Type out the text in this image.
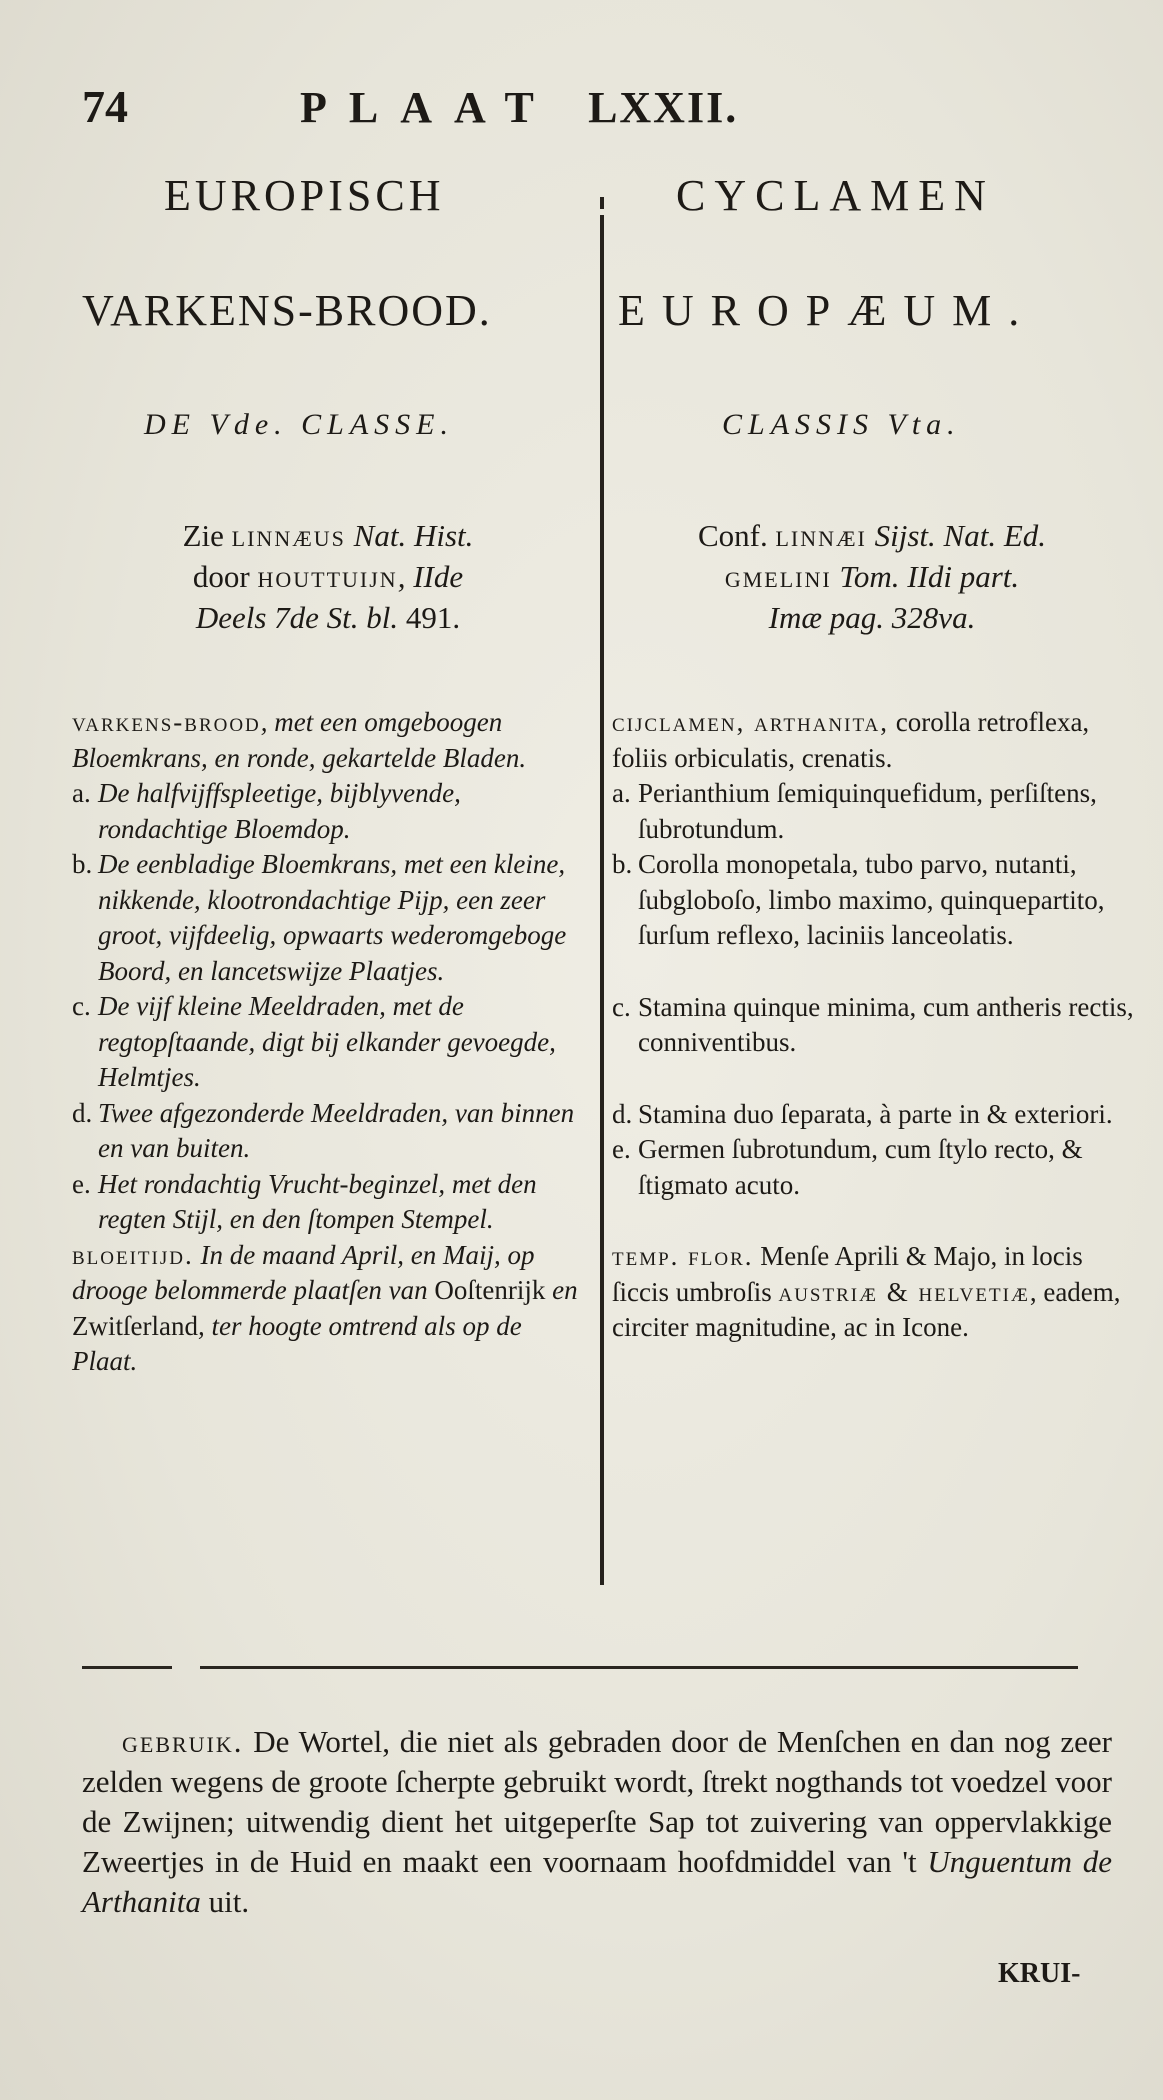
74	PLAAT LXXII.
EUROPISCH
VARKENS-BROOD.
DE Vde. CLASSE.
Zie linnæus Nat. Hist.
door houttuijn, IIde
Deels 7de St. bl. 491.

varkens-brood, met een omgeboogen Bloemkrans, en ronde, gekartelde Bladen.

a. De halfvijffspleetige, bijblyvende, rondachtige Bloemdop.
b. De eenbladige Bloemkrans, met een kleine, nikkende, klootrondachtige Pijp, een zeer groot, vijfdeelig, opwaarts wederomgeboge Boord, en lancetswijze Plaatjes.
c. De vijf kleine Meeldraden, met de regtopſtaande, digt bij elkander gevoegde, Helmtjes.
d. Twee afgezonderde Meeldraden, van binnen en van buiten.
e. Het rondachtig Vrucht-beginzel, met den regten Stijl, en den ſtompen Stempel.

bloeitijd. In de maand April, en Maij, op drooge belommerde plaatſen van Ooſtenrijk en Zwitſerland, ter hoogte omtrend als op de Plaat.

CYCLAMEN
EUROPÆUM.
CLASSIS Vta.
Conf. linnæi Sijst. Nat. Ed.
gmelini Tom. IIdi part.
Imæ pag. 328va.

cijclamen, arthanita, corolla retroflexa, foliis orbiculatis, crenatis.

a. Perianthium ſemiquinquefidum, perſiſtens, ſubrotundum.
b. Corolla monopetala, tubo parvo, nutanti, ſubgloboſo, limbo maximo, quinquepartito, ſurſum reflexo, laciniis lanceolatis.
c. Stamina quinque minima, cum antheris rectis, conniventibus.
d. Stamina duo ſeparata, à parte in & exteriori.
e. Germen ſubrotundum, cum ſtylo recto, & ſtigmato acuto.

temp. flor. Menſe Aprili & Majo, in locis ſiccis umbroſis austriæ & helvetiæ, eadem, circiter magnitudine, ac in Icone.

gebruik. De Wortel, die niet als gebraden door de Menſchen en dan nog zeer zelden wegens de groote ſcherpte gebruikt wordt, ſtrekt nogthands tot voedzel voor de Zwijnen; uitwendig dient het uitgeperſte Sap tot zuivering van oppervlakkige Zweertjes in de Huid en maakt een voornaam hoofdmiddel van 't Unguentum de Arthanita uit.

KRUI-
